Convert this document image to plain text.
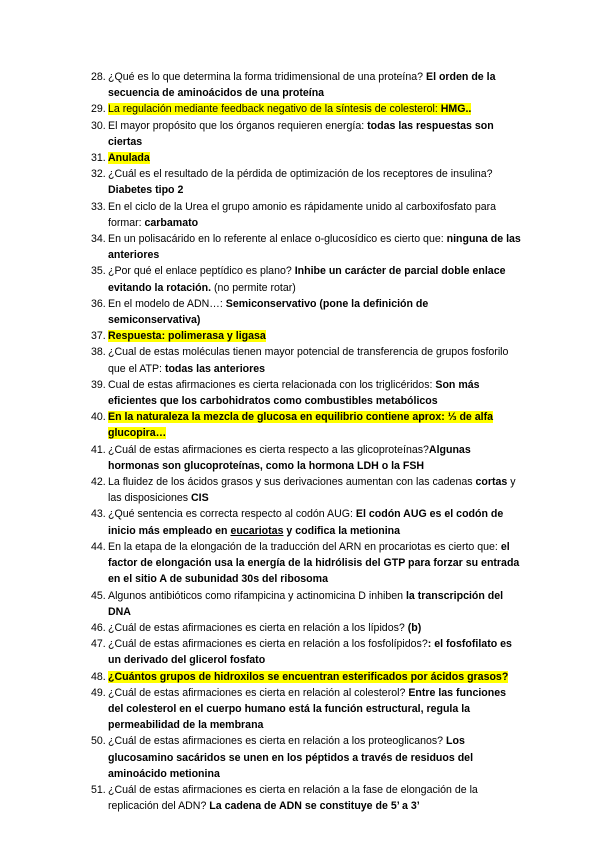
28. ¿Qué es lo que determina la forma tridimensional de una proteína? El orden de la secuencia de aminoácidos de una proteína
29. La regulación mediante feedback negativo de la síntesis de colesterol: HMG..
30. El mayor propósito que los órganos requieren energía: todas las respuestas son ciertas
31. Anulada
32. ¿Cuál es el resultado de la pérdida de optimización de los receptores de insulina? Diabetes tipo 2
33. En el ciclo de la Urea el grupo amonio es rápidamente unido al carboxifosfato para formar: carbamato
34. En un polisacárido en lo referente al enlace o-glucosídico es cierto que: ninguna de las anteriores
35. ¿Por qué el enlace peptídico es plano? Inhibe un carácter de parcial doble enlace evitando la rotación. (no permite rotar)
36. En el modelo de ADN…: Semiconservativo (pone la definición de semiconservativa)
37. Respuesta: polimerasa y ligasa
38. ¿Cual de estas moléculas tienen mayor potencial de transferencia de grupos fosforilo que el ATP: todas las anteriores
39. Cual de estas afirmaciones es cierta relacionada con los triglicéridos: Son más eficientes que los carbohidratos como combustibles metabólicos
40. En la naturaleza la mezcla de glucosa en equilibrio contiene aprox: ⅓ de alfa glucopira…
41. ¿Cuál de estas afirmaciones es cierta respecto a las glicoproteínas?Algunas hormonas son glucoproteínas, como la hormona LDH o la FSH
42. La fluidez de los ácidos grasos y sus derivaciones aumentan con las cadenas cortas y las disposiciones CIS
43. ¿Qué sentencia es correcta respecto al codón AUG: El codón AUG es el codón de inicio más empleado en eucariotas y codifica la metionina
44. En la etapa de la elongación de la traducción del ARN en procariotas es cierto que: el factor de elongación usa la energía de la hidrólisis del GTP para forzar su entrada en el sitio A de subunidad 30s del ribosoma
45. Algunos antibióticos como rifampicina y actinomicina D inhiben la transcripción del DNA
46. ¿Cuál de estas afirmaciones es cierta en relación a los lípidos? (b)
47. ¿Cuál de estas afirmaciones es cierta en relación a los fosfolípidos?: el fosfofilato es un derivado del glicerol fosfato
48. ¿Cuántos grupos de hidroxilos se encuentran esterificados por ácidos grasos?
49. ¿Cuál de estas afirmaciones es cierta en relación al colesterol? Entre las funciones del colesterol en el cuerpo humano está la función estructural, regula la permeabilidad de la membrana
50. ¿Cuál de estas afirmaciones es cierta en relación a los proteoglicanos? Los glucosamino sacáridos se unen en los péptidos a través de residuos del aminoácido metionina
51. ¿Cuál de estas afirmaciones es cierta en relación a la fase de elongación de la replicación del ADN? La cadena de ADN se constituye de 5’ a 3’
